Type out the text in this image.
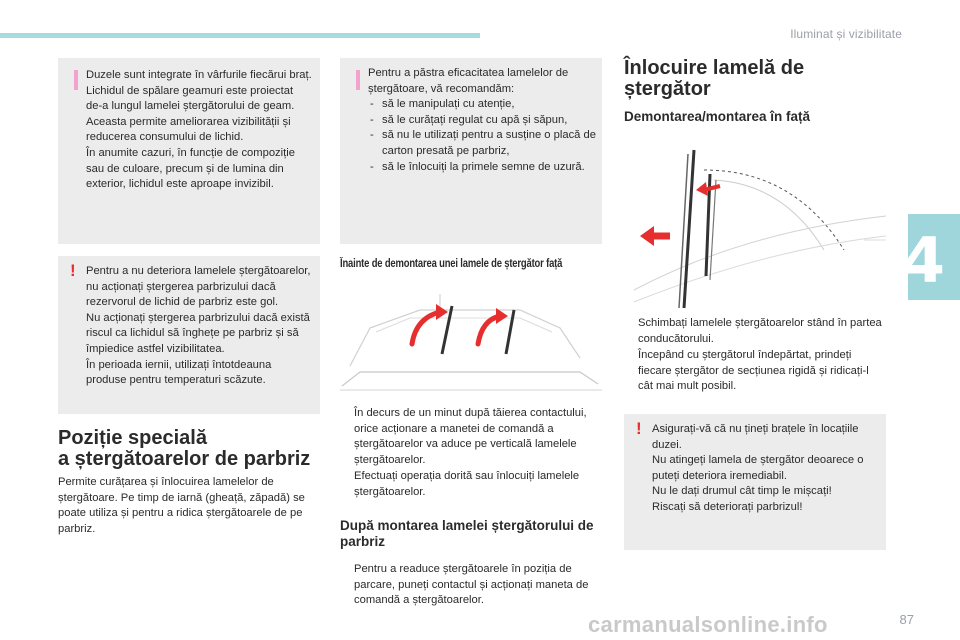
Iluminat și vizibilitate
4

Duzele sunt integrate în vârfurile fiecărui braț.

Lichidul de spălare geamuri este proiectat de-a lungul lamelei ștergătorului de geam. Aceasta permite ameliorarea vizibilității și reducerea consumului de lichid.

În anumite cazuri, în funcție de compoziție sau de culoare, precum și de lumina din exterior, lichidul este aproape invizibil.

! Pentru a nu deteriora lamelele ștergătoarelor, nu acționați ștergerea parbrizului dacă rezervorul de lichid de parbriz este gol.

Nu acționați ștergerea parbrizului dacă există riscul ca lichidul să înghețe pe parbriz și să împiedice astfel vizibilitatea.

În perioada iernii, utilizați întotdeauna produse pentru temperaturi scăzute.

Poziție specială
a ștergătoarelor de parbriz
Permite curățarea și înlocuirea lamelelor de ștergătoare. Pe timp de iarnă (gheață, zăpadă) se poate utiliza și pentru a ridica ștergătoarele de pe parbriz.
Pentru a păstra eficacitatea lamelelor de ștergătoare, vă recomandăm:
- să le manipulați cu atenție,
- să le curățați regulat cu apă și săpun,
- să nu le utilizați pentru a susține o placă de carton presată pe parbriz,
- să le înlocuiți la primele semne de uzură.
Înainte de demontarea unei lamele de ștergător față
În decurs de un minut după tăierea contactului, orice acționare a manetei de comandă a ștergătoarelor va aduce pe verticală lamelele ștergătoarelor.
Efectuați operația dorită sau înlocuiți lamelele ștergătoarelor.
După montarea lamelei ștergătorului de parbriz
Pentru a readuce ștergătoarele în poziția de parcare, puneți contactul și acționați maneta de comandă a ștergătoarelor.
Înlocuire lamelă de
ștergător
Demontarea/montarea în față
Schimbați lamelele ștergătoarelor stând în partea conducătorului.
Începând cu ștergătorul îndepărtat, prindeți fiecare ștergător de secțiunea rigidă și ridicați-l cât mai mult posibil.
! Asigurați-vă că nu țineți brațele în locațiile duzei.

Nu atingeți lamela de ștergător deoarece o puteți deteriora iremediabil.

Nu le dați drumul cât timp le mișcați!

Riscați să deteriorați parbrizul!

carmanualsonline.info	87
